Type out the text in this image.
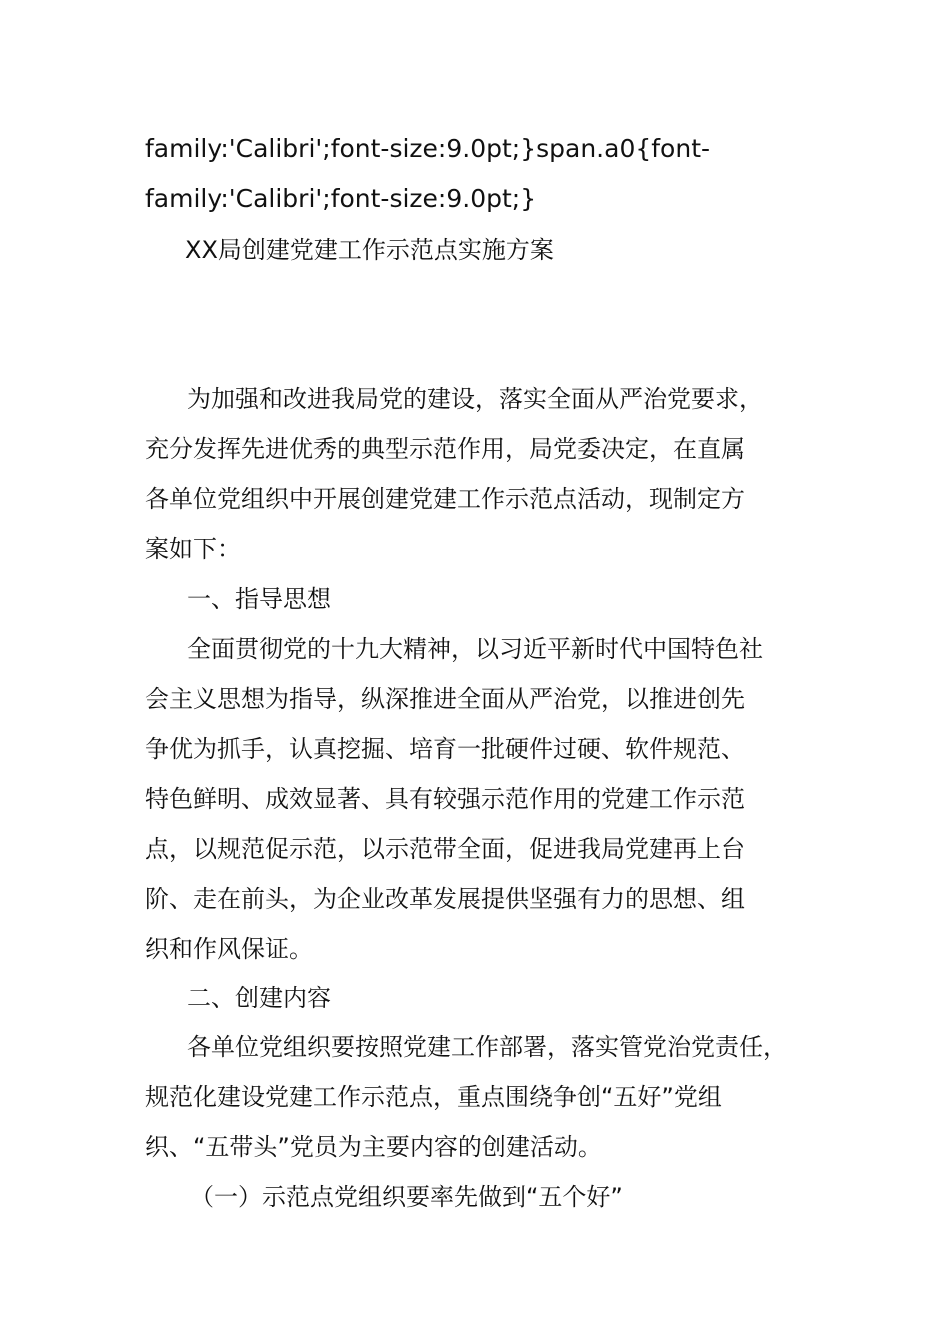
family:'Calibri';font-size:9.0pt;}span.a0{font-
family:'Calibri';font-size:9.0pt;}
XX局创建党建工作示范点实施方案
为加强和改进我局党的建设，落实全面从严治党要求，
充分发挥先进优秀的典型示范作用，局党委决定，在直属
各单位党组织中开展创建党建工作示范点活动，现制定方
案如下：
一、指导思想
全面贯彻党的十九大精神，以习近平新时代中国特色社
会主义思想为指导，纵深推进全面从严治党，以推进创先
争优为抓手，认真挖掘、培育一批硬件过硬、软件规范、
特色鲜明、成效显著、具有较强示范作用的党建工作示范
点，以规范促示范，以示范带全面，促进我局党建再上台
阶、走在前头，为企业改革发展提供坚强有力的思想、组
织和作风保证。
二、创建内容
各单位党组织要按照党建工作部署，落实管党治党责任，
规范化建设党建工作示范点，重点围绕争创“五好”党组
织、“五带头”党员为主要内容的创建活动。
（一）示范点党组织要率先做到“五个好”
